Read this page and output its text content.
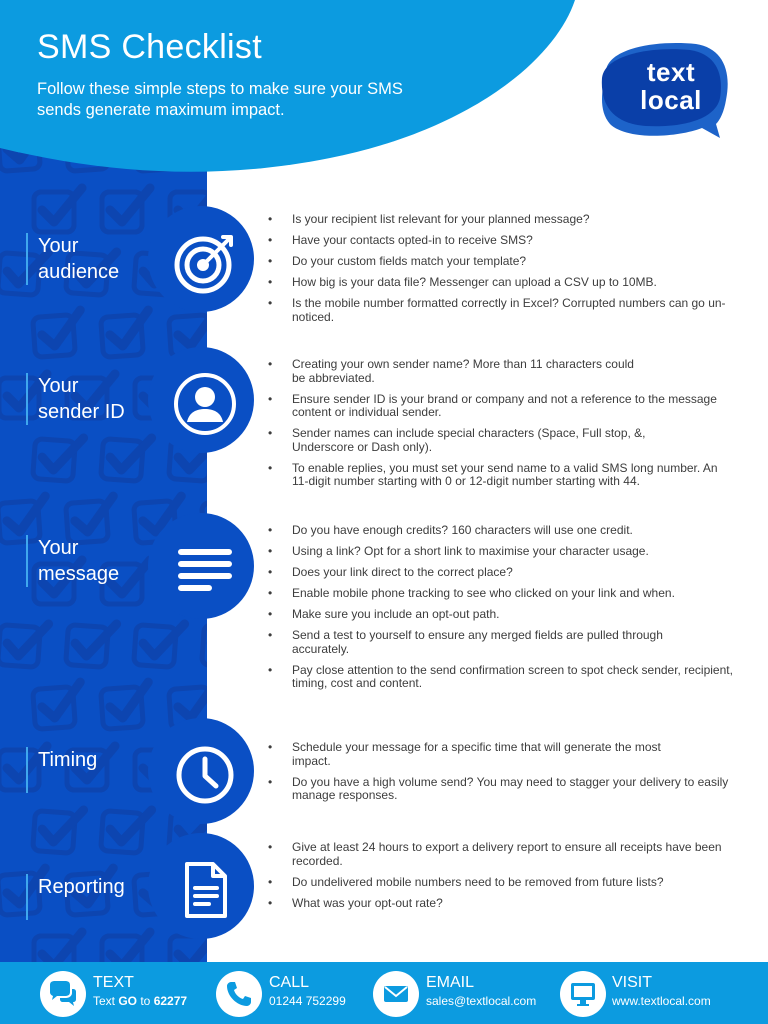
SMS Checklist
Follow these simple steps to make sure your SMS sends generate maximum impact.
text
local
Your
audience
• Is your recipient list relevant for your planned message?
• Have your contacts opted-in to receive SMS?
• Do your custom fields match your template?
• How big is your data file? Messenger can upload a CSV up to 10MB.
• Is the mobile number formatted correctly in Excel? Corrupted numbers can go un-noticed.
Your
sender ID
• Creating your own sender name? More than 11 characters could be abbreviated.
• Ensure sender ID is your brand or company and not a reference to the message content or individual sender.
• Sender names can include special characters (Space, Full stop, &, Underscore or Dash only).
• To enable replies, you must set your send name to a valid SMS long number. An 11-digit number starting with 0 or 12-digit number starting with 44.
Your
message
• Do you have enough credits? 160 characters will use one credit.
• Using a link? Opt for a short link to maximise your character usage.
• Does your link direct to the correct place?
• Enable mobile phone tracking to see who clicked on your link and when.
• Make sure you include an opt-out path.
• Send a test to yourself to ensure any merged fields are pulled through accurately.
• Pay close attention to the send confirmation screen to spot check sender, recipient, timing, cost and content.
Timing
• Schedule your message for a specific time that will generate the most impact.
• Do you have a high volume send? You may need to stagger your delivery to easily manage responses.
Reporting
• Give at least 24 hours to export a delivery report to ensure all receipts have been recorded.
• Do undelivered mobile numbers need to be removed from future lists?
• What was your opt-out rate?
TEXT
Text GO to 62277
CALL
01244 752299
EMAIL
sales@textlocal.com
VISIT
www.textlocal.com
